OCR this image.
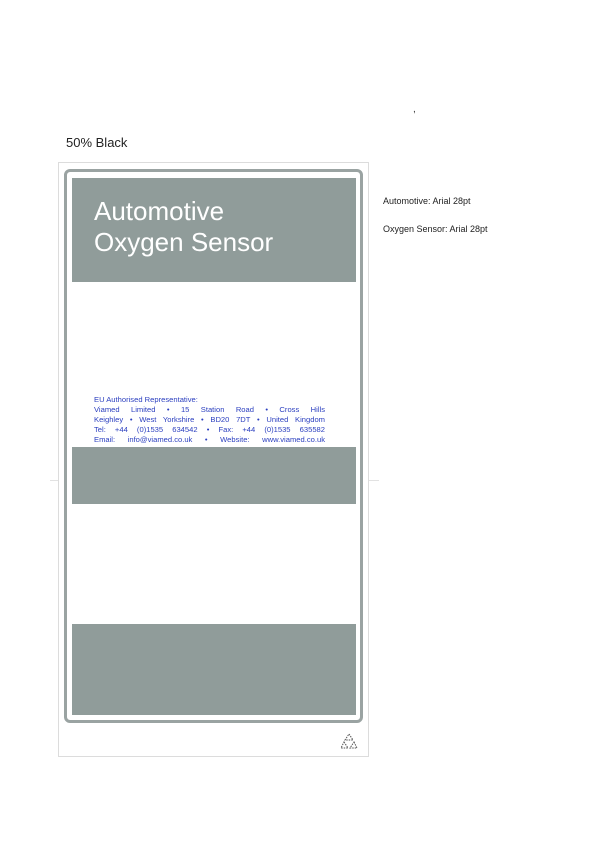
,
50% Black
Automotive
Oxygen Sensor
EU Authorised Representative:
Viamed Limited • 15 Station Road • Cross Hills
Keighley • West Yorkshire • BD20 7DT • United Kingdom
Tel: +44 (0)1535 634542 • Fax: +44 (0)1535 635582
Email: info@viamed.co.uk • Website: www.viamed.co.uk
Automotive: Arial 28pt
Oxygen Sensor: Arial 28pt
